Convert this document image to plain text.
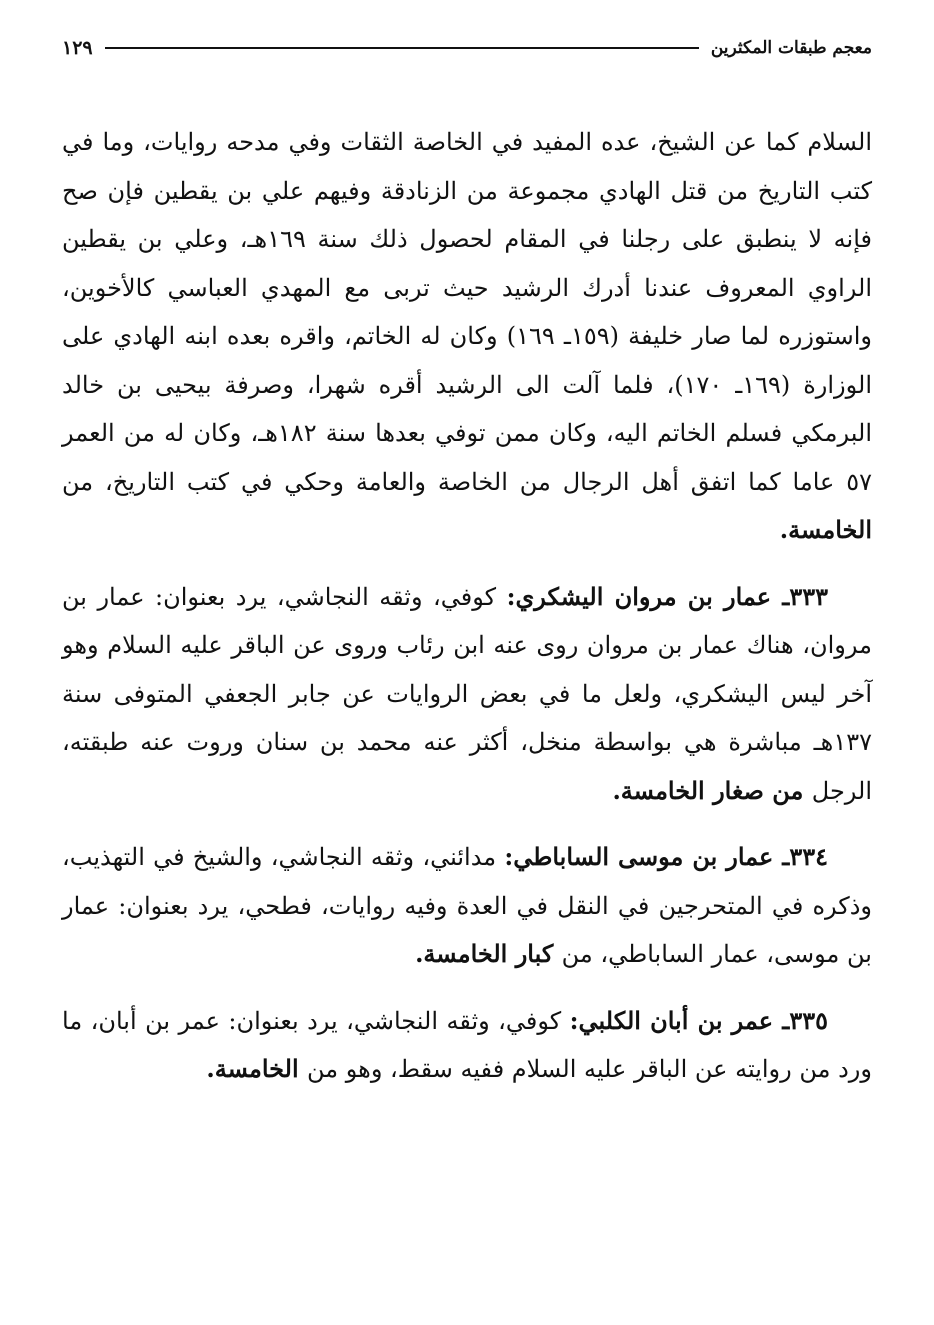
معجم طبقات المكثرين
١٢٩

السلام كما عن الشيخ، عده المفيد في الخاصة الثقات وفي مدحه روايات، وما في كتب التاريخ من قتل الهادي مجموعة من الزنادقة وفيهم علي بن يقطين فإن صح فإنه لا ينطبق على رجلنا في المقام لحصول ذلك سنة ١٦٩هـ، وعلي بن يقطين الراوي المعروف عندنا أدرك الرشيد حيث تربى مع المهدي العباسي كالأخوين، واستوزره لما صار خليفة (١٥٩ـ ١٦٩) وكان له الخاتم، واقره بعده ابنه الهادي على الوزارة (١٦٩ـ ١٧٠)، فلما آلت الى الرشيد أقره شهرا، وصرفة بيحيى بن خالد البرمكي فسلم الخاتم اليه، وكان ممن توفي بعدها سنة ١٨٢هـ، وكان له من العمر ٥٧ عاما كما اتفق أهل الرجال من الخاصة والعامة وحكي في كتب التاريخ، من الخامسة.

٣٣٣ـ عمار بن مروان اليشكري: كوفي، وثقه النجاشي، يرد بعنوان: عمار بن مروان، هناك عمار بن مروان روى عنه ابن رئاب وروى عن الباقر عليه السلام وهو آخر ليس اليشكري، ولعل ما في بعض الروايات عن جابر الجعفي المتوفى سنة ١٣٧هـ مباشرة هي بواسطة منخل، أكثر عنه محمد بن سنان وروت عنه طبقته، الرجل من صغار الخامسة.

٣٣٤ـ عمار بن موسى الساباطي: مدائني، وثقه النجاشي، والشيخ في التهذيب، وذكره في المتحرجين في النقل في العدة وفيه روايات، فطحي، يرد بعنوان: عمار بن موسى، عمار الساباطي، من كبار الخامسة.

٣٣٥ـ عمر بن أبان الكلبي: كوفي، وثقه النجاشي، يرد بعنوان: عمر بن أبان، ما ورد من روايته عن الباقر عليه السلام ففيه سقط، وهو من الخامسة.
